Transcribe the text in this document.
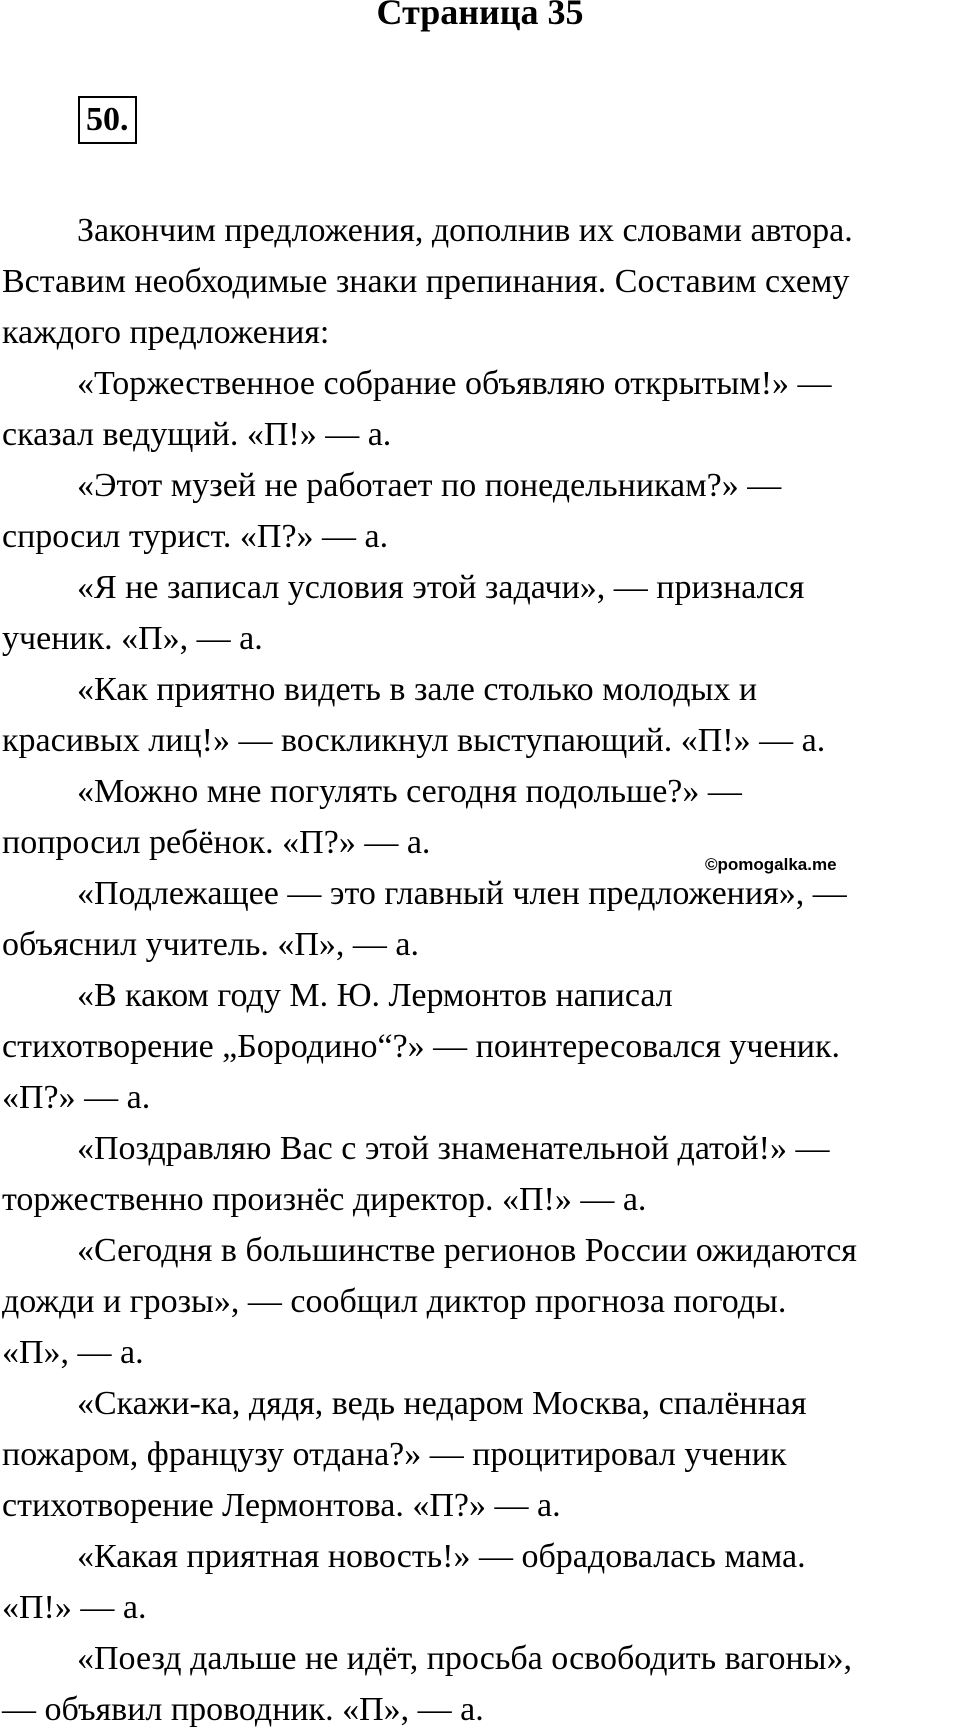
Страница 35
50.
©pomogalka.me

Закончим предложения, дополнив их словами автора.
Вставим необходимые знаки препинания. Составим схему
каждого предложения:

«Торжественное собрание объявляю открытым!» —
сказал ведущий. «П!» — а.

«Этот музей не работает по понедельникам?» —
спросил турист. «П?» — а.

«Я не записал условия этой задачи», — признался
ученик. «П», — а.

«Как приятно видеть в зале столько молодых и
красивых лиц!» — воскликнул выступающий. «П!» — а.

«Можно мне погулять сегодня подольше?» —
попросил ребёнок. «П?» — а.

«Подлежащее — это главный член предложения», —
объяснил учитель. «П», — а.

«В каком году М. Ю. Лермонтов написал
стихотворение „Бородино“?» — поинтересовался ученик.
«П?» — а.

«Поздравляю Вас с этой знаменательной датой!» —
торжественно произнёс директор. «П!» — а.

«Сегодня в большинстве регионов России ожидаются
дожди и грозы», — сообщил диктор прогноза погоды.
«П», — а.

«Скажи-ка, дядя, ведь недаром Москва, спалённая
пожаром, французу отдана?» — процитировал ученик
стихотворение Лермонтова. «П?» — а.

«Какая приятная новость!» — обрадовалась мама.
«П!» — а.

«Поезд дальше не идёт, просьба освободить вагоны»,
— объявил проводник. «П», — а.
